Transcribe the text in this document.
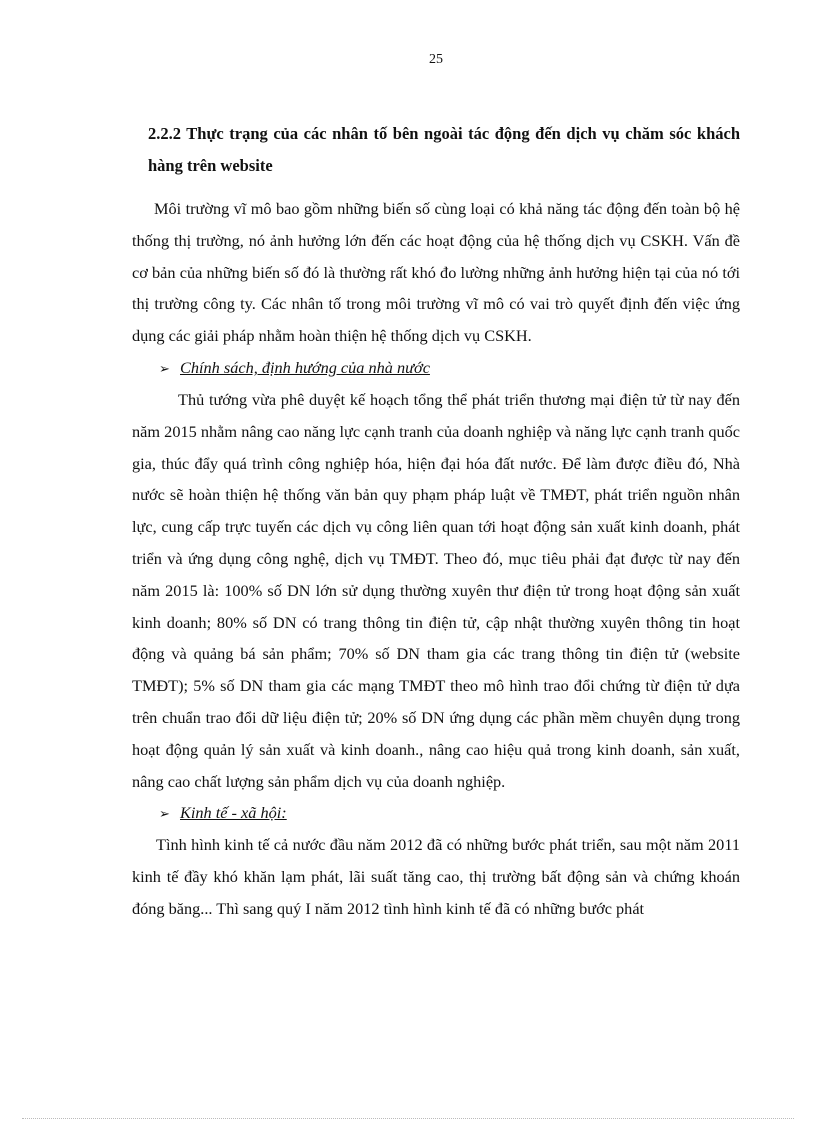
25

2.2.2 Thực trạng của các nhân tố bên ngoài tác động đến dịch vụ chăm sóc khách hàng trên website

Môi trường vĩ mô bao gồm những biến số cùng loại có khả năng tác động đến toàn bộ hệ thống thị trường, nó ảnh hưởng lớn đến các hoạt động của hệ thống dịch vụ CSKH. Vấn đề cơ bản của những biến số đó là thường rất khó đo lường những ảnh hưởng hiện tại của nó tới thị trường công ty. Các nhân tố trong môi trường vĩ mô có vai trò quyết định đến việc ứng dụng các giải pháp nhằm hoàn thiện hệ thống dịch vụ CSKH.

➢ Chính sách, định hướng của nhà nước

Thủ tướng vừa phê duyệt kế hoạch tổng thể phát triển thương mại điện tử từ nay đến năm 2015 nhằm nâng cao năng lực cạnh tranh của doanh nghiệp và năng lực cạnh tranh quốc gia, thúc đẩy quá trình công nghiệp hóa, hiện đại hóa đất nước. Để làm được điều đó, Nhà nước sẽ hoàn thiện hệ thống văn bản quy phạm pháp luật về TMĐT, phát triển nguồn nhân lực, cung cấp trực tuyến các dịch vụ công liên quan tới hoạt động sản xuất kinh doanh, phát triển và ứng dụng công nghệ, dịch vụ TMĐT. Theo đó, mục tiêu phải đạt được từ nay đến năm 2015 là: 100% số DN lớn sử dụng thường xuyên thư điện tử trong hoạt động sản xuất kinh doanh; 80% số DN có trang thông tin điện tử, cập nhật thường xuyên thông tin hoạt động và quảng bá sản phẩm; 70% số DN tham gia các trang thông tin điện tử (website TMĐT); 5% số DN tham gia các mạng TMĐT theo mô hình trao đổi chứng từ điện tử dựa trên chuẩn trao đổi dữ liệu điện tử; 20% số DN ứng dụng các phần mềm chuyên dụng trong hoạt động quản lý sản xuất và kinh doanh., nâng cao hiệu quả trong kinh doanh, sản xuất, nâng cao chất lượng sản phẩm dịch vụ của doanh nghiệp.

➢ Kinh tế - xã hội:

Tình hình kinh tế cả nước đầu năm 2012 đã có những bước phát triển, sau một năm 2011 kinh tế đầy khó khăn lạm phát, lãi suất tăng cao, thị trường bất động sản và chứng khoán đóng băng... Thì sang quý I năm 2012 tình hình kinh tế đã có những bước phát
